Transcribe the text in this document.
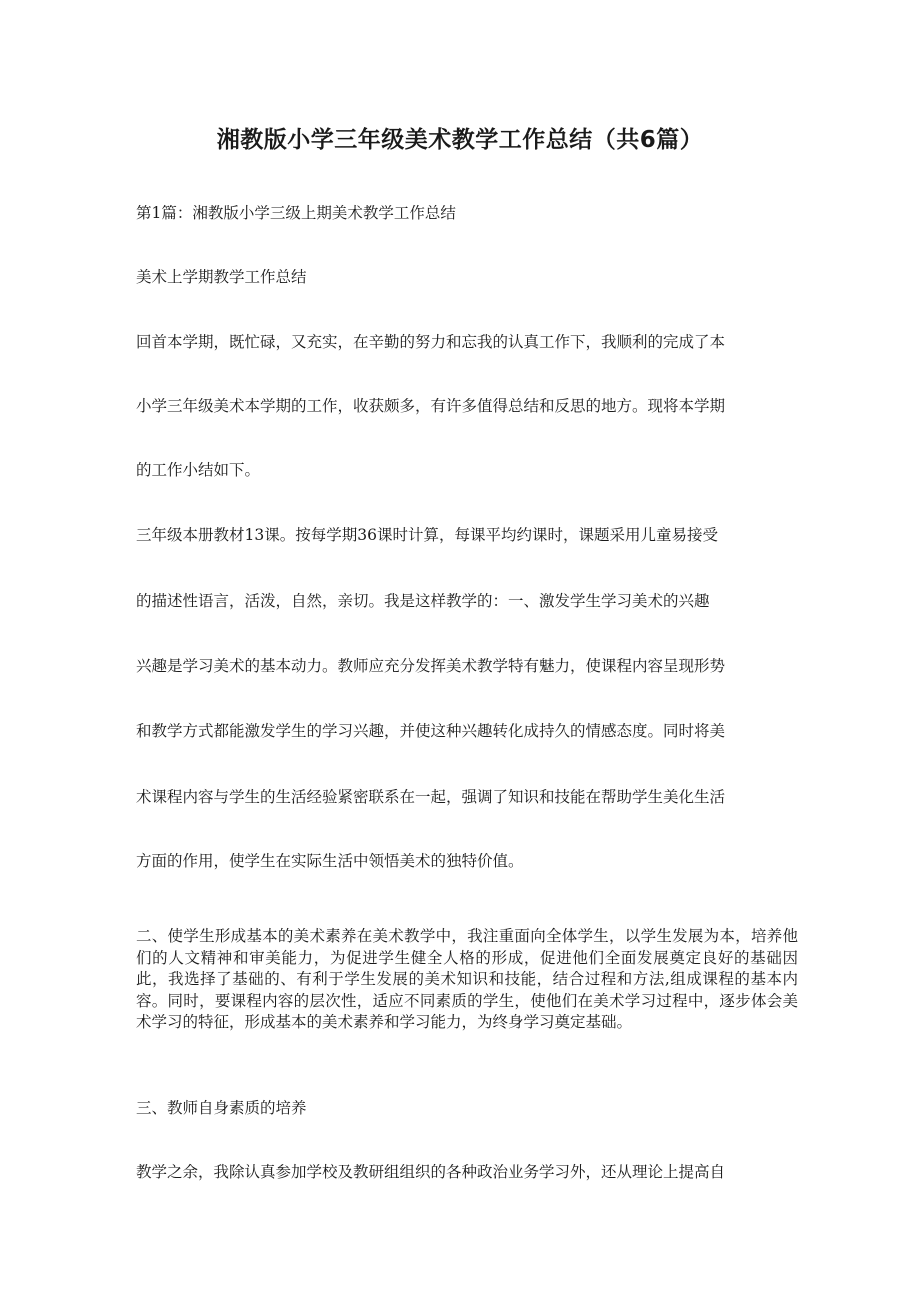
湘教版小学三年级美术教学工作总结（共6篇）

第1篇：湘教版小学三级上期美术教学工作总结

美术上学期教学工作总结

回首本学期，既忙碌，又充实，在辛勤的努力和忘我的认真工作下，我顺利的完成了本

小学三年级美术本学期的工作，收获颇多，有许多值得总结和反思的地方。现将本学期

的工作小结如下。

三年级本册教材13课。按每学期36课时计算，每课平均约课时，课题采用儿童易接受

的描述性语言，活泼，自然，亲切。我是这样教学的：一、激发学生学习美术的兴趣

兴趣是学习美术的基本动力。教师应充分发挥美术教学特有魅力，使课程内容呈现形势

和教学方式都能激发学生的学习兴趣，并使这种兴趣转化成持久的情感态度。同时将美

术课程内容与学生的生活经验紧密联系在一起，强调了知识和技能在帮助学生美化生活

方面的作用，使学生在实际生活中领悟美术的独特价值。

二、使学生形成基本的美术素养在美术教学中，我注重面向全体学生，以学生发展为本，培养他们的人文精神和审美能力，为促进学生健全人格的形成，促进他们全面发展奠定良好的基础因此，我选择了基础的、有利于学生发展的美术知识和技能，结合过程和方法,组成课程的基本内容。同时，要课程内容的层次性，适应不同素质的学生，使他们在美术学习过程中，逐步体会美术学习的特征，形成基本的美术素养和学习能力，为终身学习奠定基础。

三、教师自身素质的培养

教学之余，我除认真参加学校及教研组组织的各种政治业务学习外，还从理论上提高自
